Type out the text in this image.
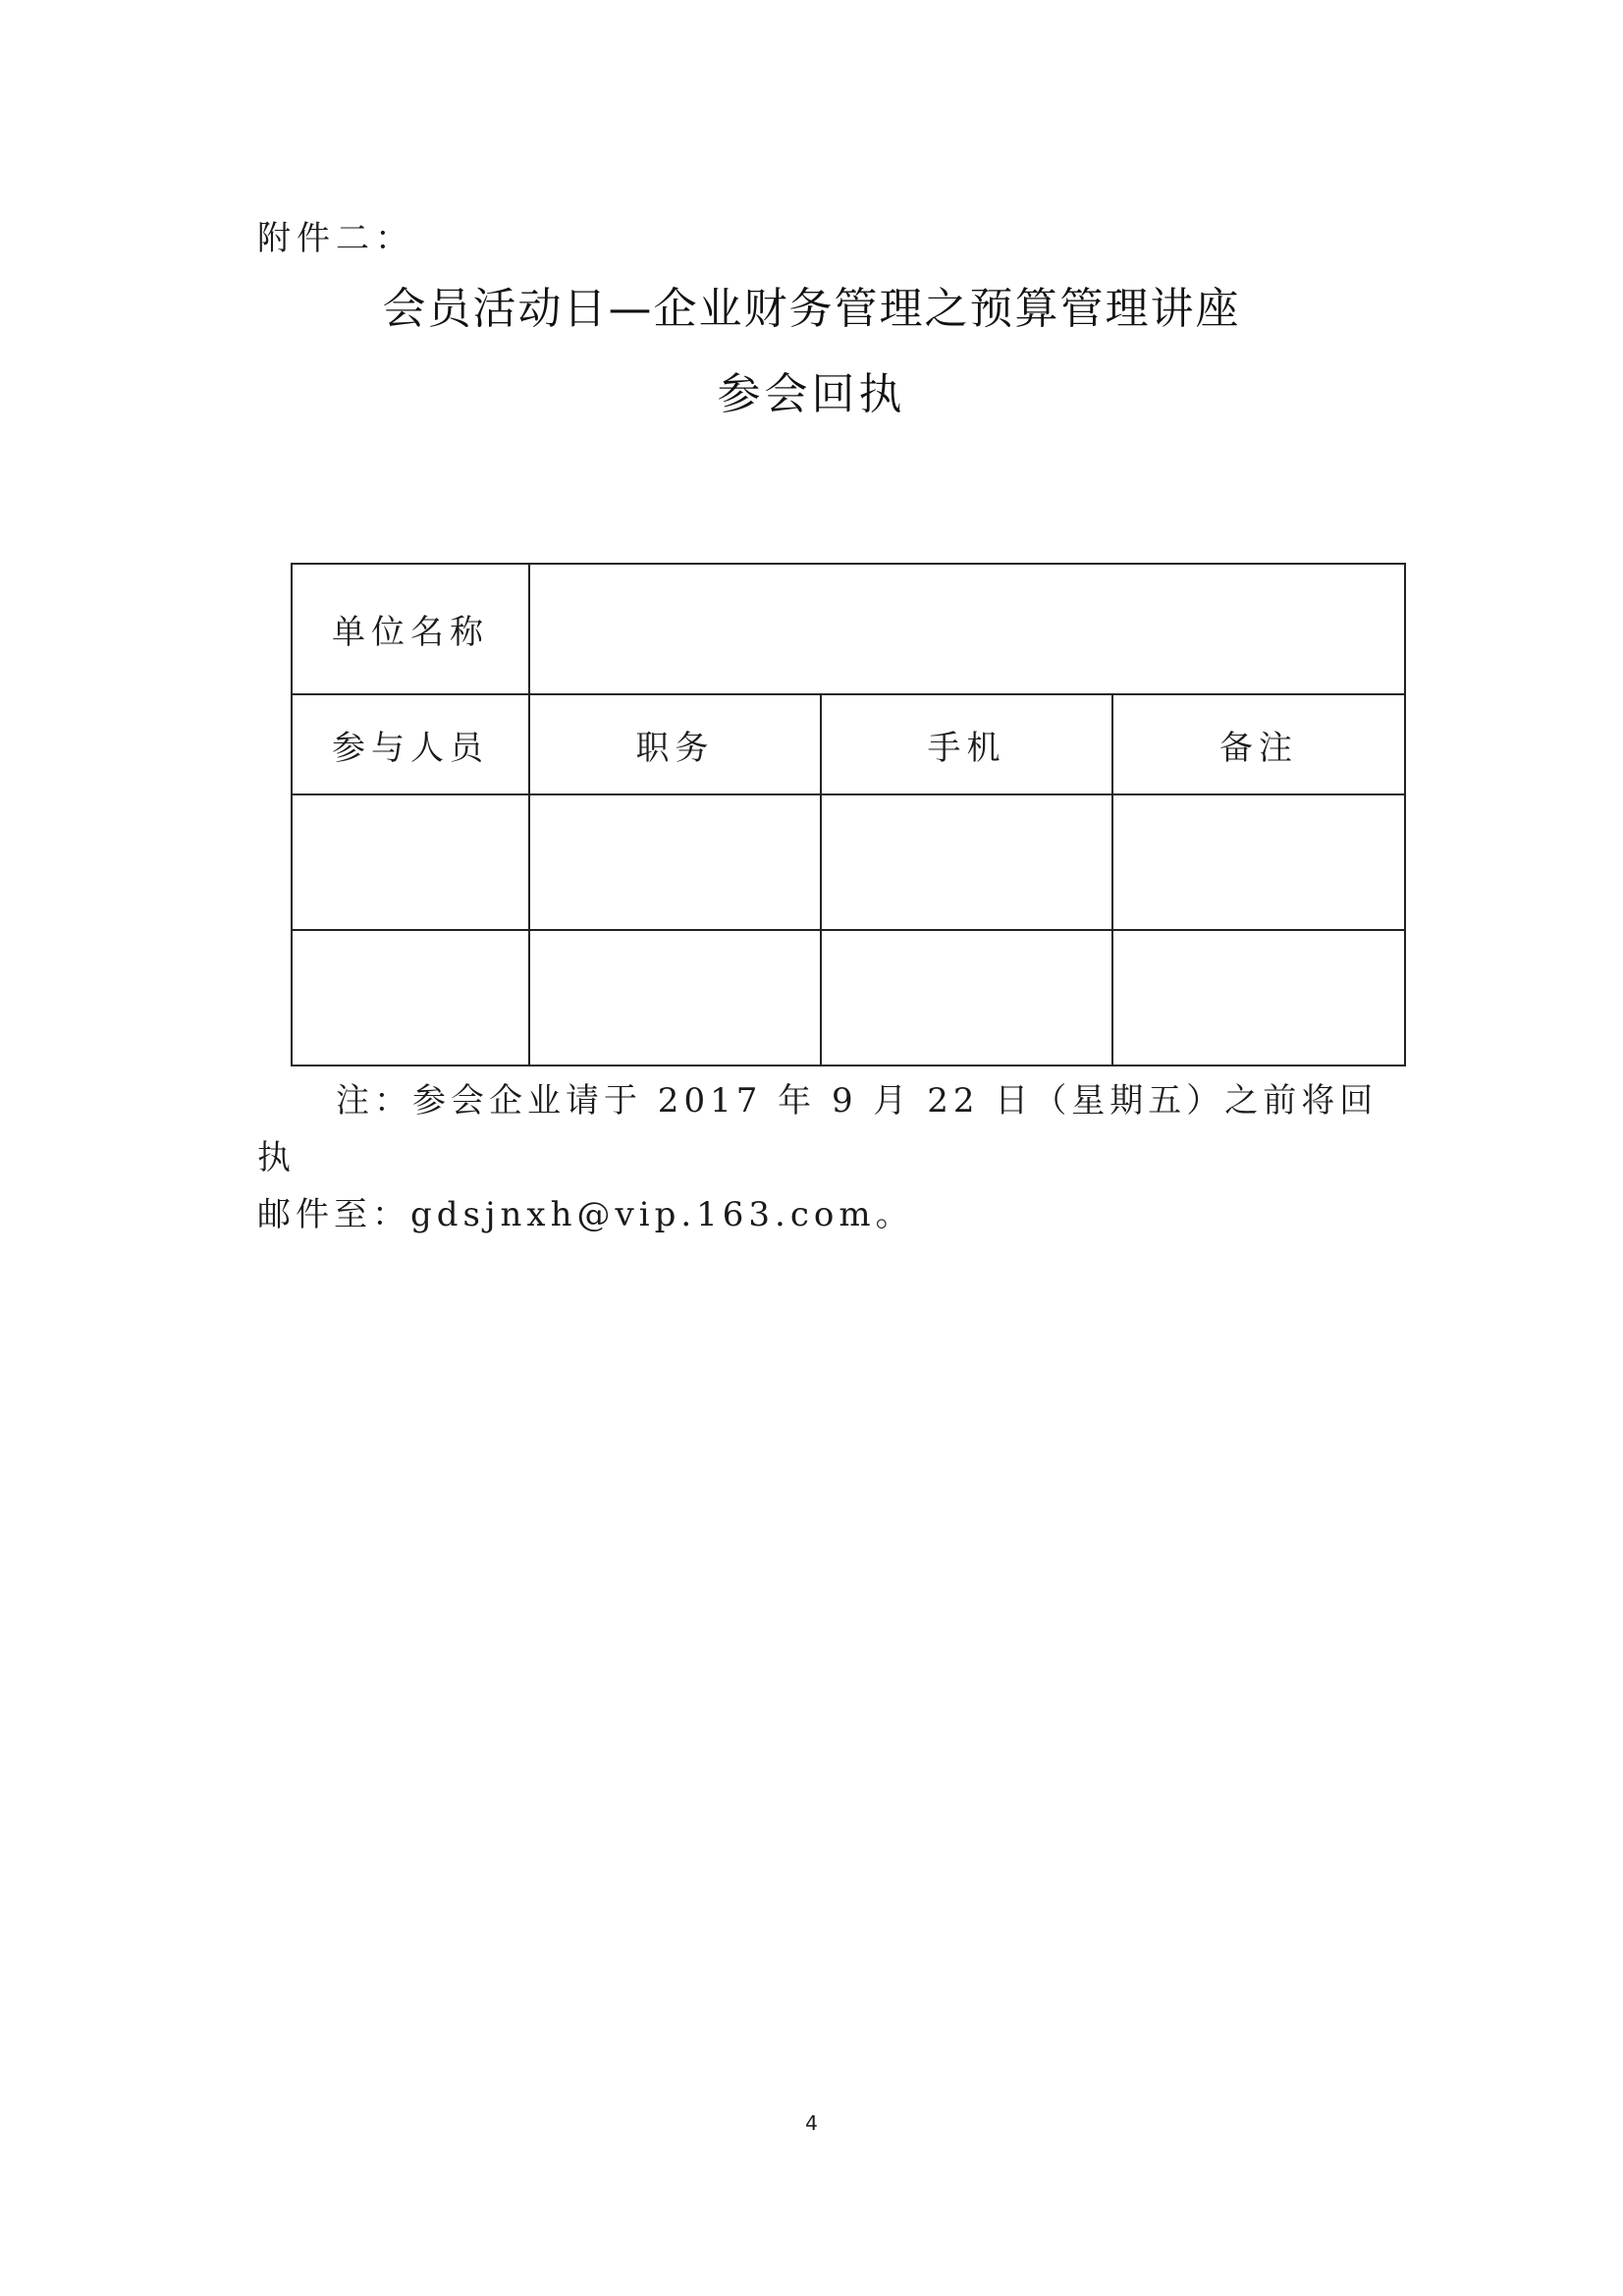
附件二：
会员活动日—企业财务管理之预算管理讲座
参会回执
单位名称			
参与人员	职务	手机	备注

注：参会企业请于 2017 年 9 月 22 日（星期五）之前将回执

邮件至：gdsjnxh@vip.163.com。

4
